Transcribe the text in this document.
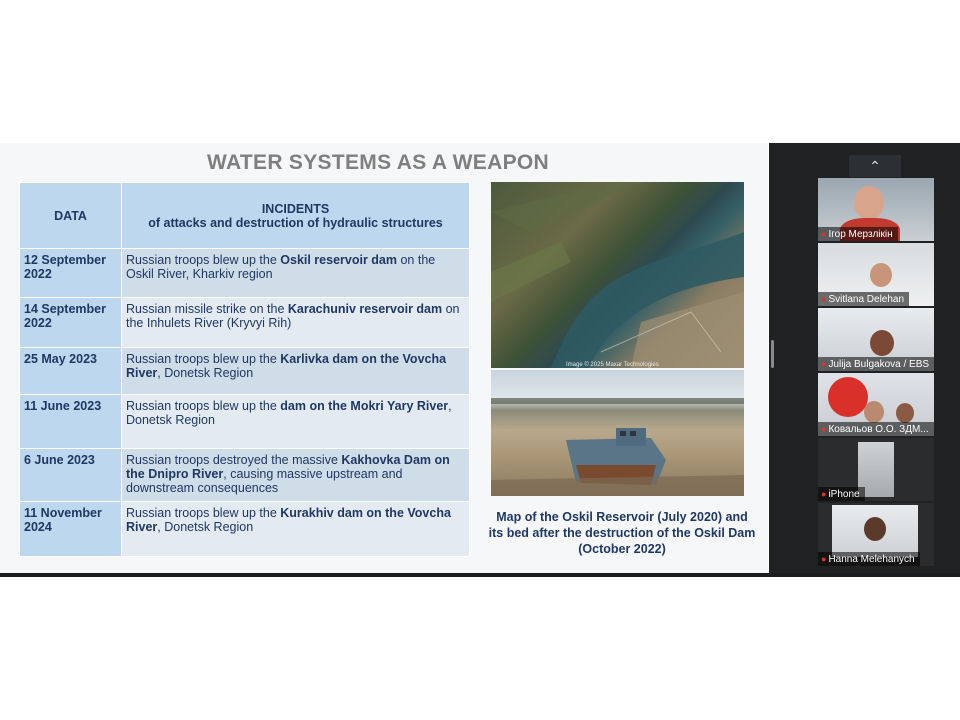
WATER SYSTEMS AS A WEAPON
DATA	INCIDENTS
of attacks and destruction of hydraulic structures

12 September 2022	Russian troops blew up the Oskil reservoir dam on the Oskil River, Kharkiv region
14 September 2022	Russian missile strike on the Karachuniv reservoir dam on the Inhulets River (Kryvyi Rih)
25 May 2023	Russian troops blew up the Karlivka dam on the Vovcha River, Donetsk Region
11 June 2023	Russian troops blew up the dam on the Mokri Yary River, Donetsk Region
6 June 2023	Russian troops destroyed the massive Kakhovka Dam on the Dnipro River, causing massive upstream and downstream consequences
11 November 2024	Russian troops blew up the Kurakhiv dam on the Vovcha River, Donetsk Region
Image © 2025 Maxar Technologies
Map of the Oskil Reservoir (July 2020) and its bed after the destruction of the Oskil Dam (October 2022)
⌃
● Ігор Мерзлікін
● Svitlana Delehan
● Julija Bulgakova / EBS
● Ковальов О.О. ЗДМ...
● iPhone
● Hanna Melehanych
